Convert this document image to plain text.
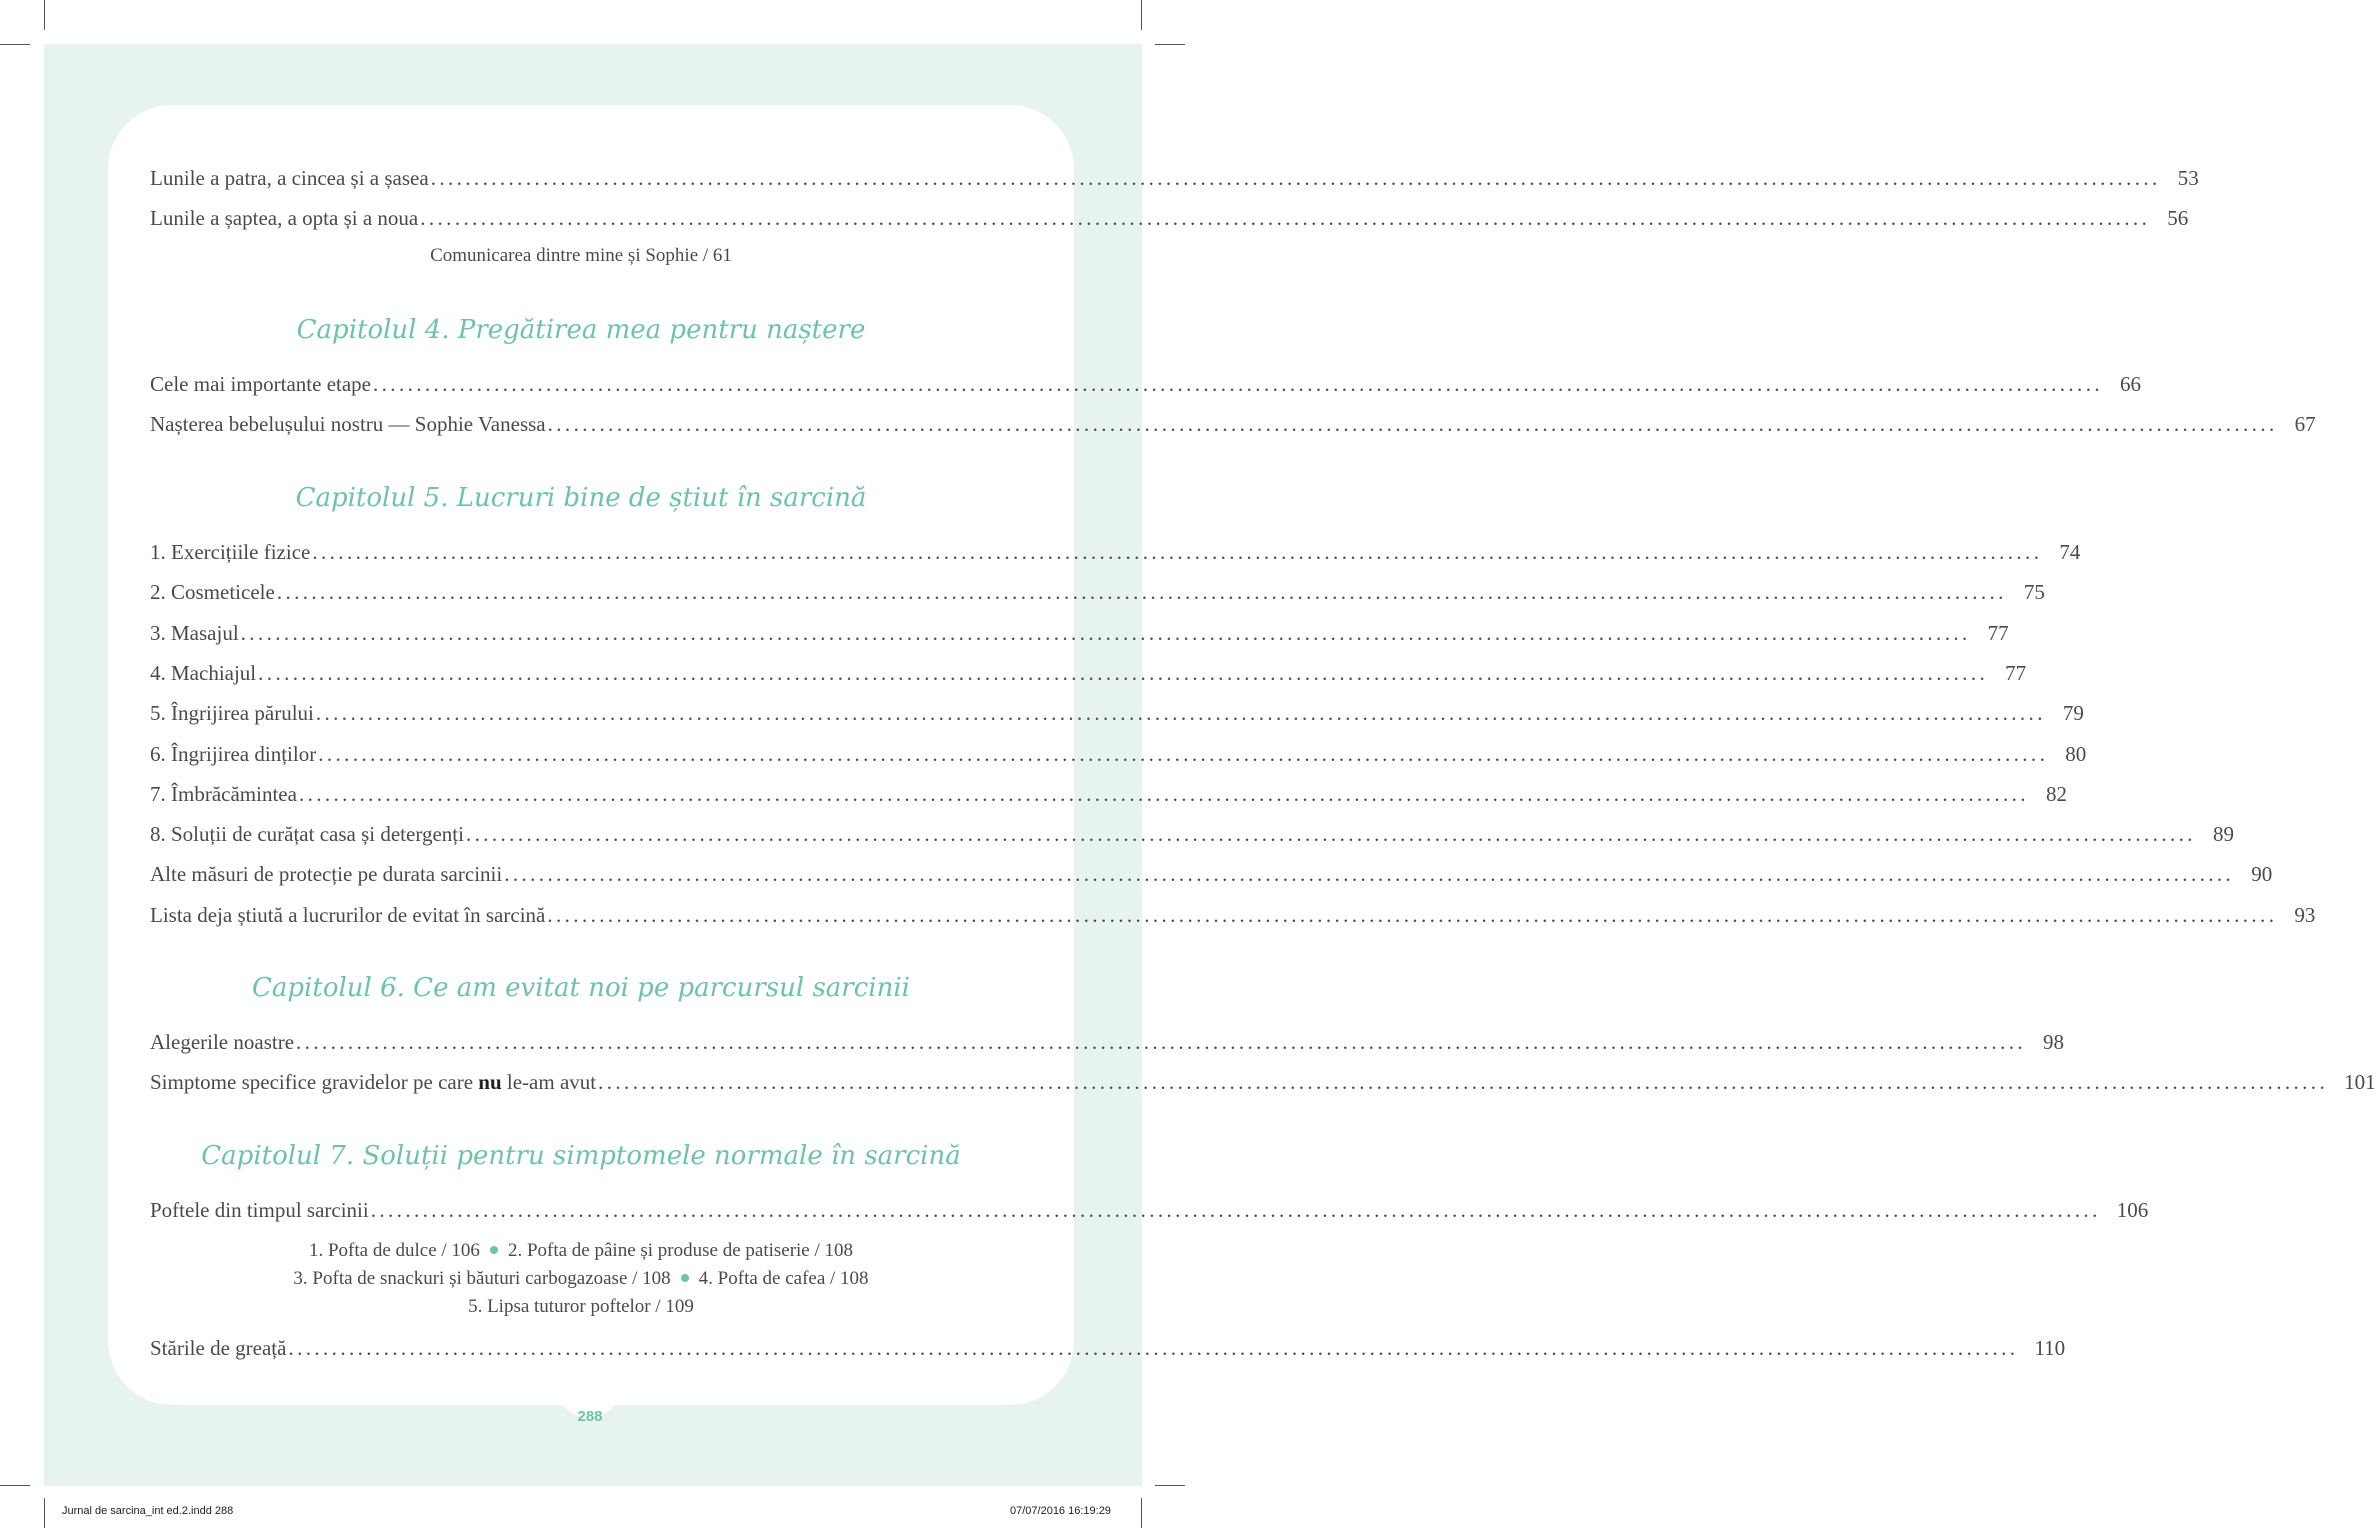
Lunile a patra, a cincea și a șasea ........................................................................................................................................................................................................ 53
Lunile a șaptea, a opta și a noua ........................................................................................................................................................................................................ 56
Comunicarea dintre mine și Sophie / 61
Capitolul 4. Pregătirea mea pentru naștere
Cele mai importante etape ........................................................................................................................................................................................................ 66
Nașterea bebelușului nostru — Sophie Vanessa ........................................................................................................................................................................................................ 67
Capitolul 5. Lucruri bine de știut în sarcină
1. Exercițiile fizice ........................................................................................................................................................................................................ 74
2. Cosmeticele ........................................................................................................................................................................................................ 75
3. Masajul ........................................................................................................................................................................................................ 77
4. Machiajul ........................................................................................................................................................................................................ 77
5. Îngrijirea părului ........................................................................................................................................................................................................ 79
6. Îngrijirea dinților ........................................................................................................................................................................................................ 80
7. Îmbrăcămintea ........................................................................................................................................................................................................ 82
8. Soluții de curățat casa și detergenți ........................................................................................................................................................................................................ 89
Alte măsuri de protecție pe durata sarcinii ........................................................................................................................................................................................................ 90
Lista deja știută a lucrurilor de evitat în sarcină ........................................................................................................................................................................................................ 93
Capitolul 6. Ce am evitat noi pe parcursul sarcinii
Alegerile noastre ........................................................................................................................................................................................................ 98
Simptome specifice gravidelor pe care nu le-am avut ........................................................................................................................................................................................................ 101
Capitolul 7. Soluții pentru simptomele normale în sarcină
Poftele din timpul sarcinii ........................................................................................................................................................................................................ 106
1. Pofta de dulce / 106 2. Pofta de pâine și produse de patiserie / 108
3. Pofta de snackuri și băuturi carbogazoase / 108 4. Pofta de cafea / 108
5. Lipsa tuturor poftelor / 109
Stările de greață ........................................................................................................................................................................................................ 110
288
Jurnal de sarcina_int ed.2.indd 288	07/07/2016 16:19:29
